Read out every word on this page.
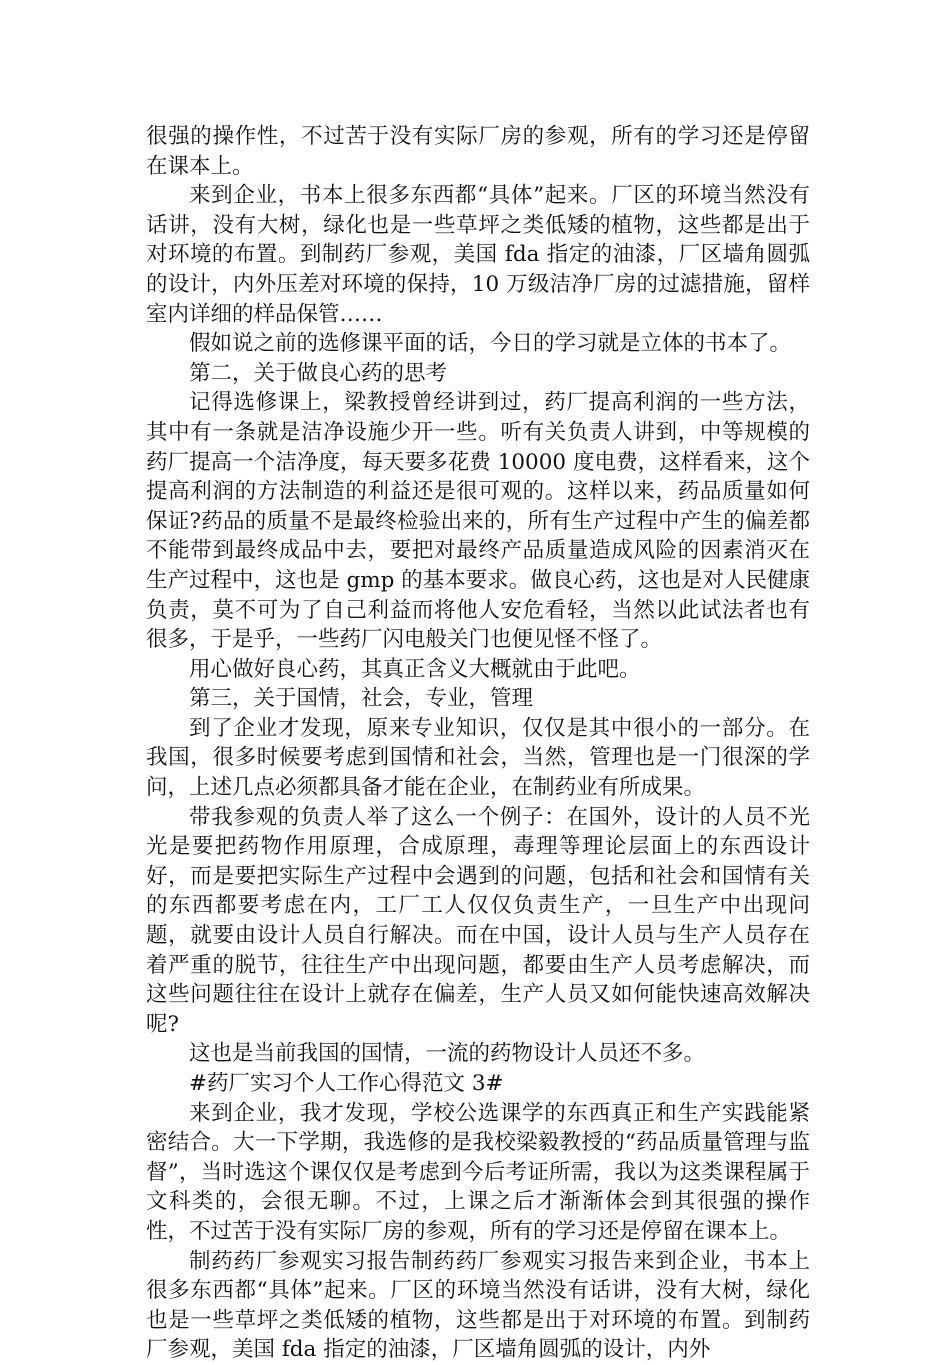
很强的操作性，不过苦于没有实际厂房的参观，所有的学习还是停留在课本上。

来到企业，书本上很多东西都“具体”起来。厂区的环境当然没有话讲，没有大树，绿化也是一些草坪之类低矮的植物，这些都是出于对环境的布置。到制药厂参观，美国 fda 指定的油漆，厂区墙角圆弧的设计，内外压差对环境的保持，10 万级洁净厂房的过滤措施，留样室内详细的样品保管……

假如说之前的选修课平面的话，今日的学习就是立体的书本了。

第二，关于做良心药的思考

记得选修课上，梁教授曾经讲到过，药厂提高利润的一些方法，其中有一条就是洁净设施少开一些。听有关负责人讲到，中等规模的药厂提高一个洁净度，每天要多花费 10000 度电费，这样看来，这个提高利润的方法制造的利益还是很可观的。这样以来，药品质量如何保证?药品的质量不是最终检验出来的，所有生产过程中产生的偏差都不能带到最终成品中去，要把对最终产品质量造成风险的因素消灭在生产过程中，这也是 gmp 的基本要求。做良心药，这也是对人民健康负责，莫不可为了自己利益而将他人安危看轻，当然以此试法者也有很多，于是乎，一些药厂闪电般关门也便见怪不怪了。

用心做好良心药，其真正含义大概就由于此吧。

第三，关于国情，社会，专业，管理

到了企业才发现，原来专业知识，仅仅是其中很小的一部分。在我国，很多时候要考虑到国情和社会，当然，管理也是一门很深的学问，上述几点必须都具备才能在企业，在制药业有所成果。

带我参观的负责人举了这么一个例子：在国外，设计的人员不光光是要把药物作用原理，合成原理，毒理等理论层面上的东西设计好，而是要把实际生产过程中会遇到的问题，包括和社会和国情有关的东西都要考虑在内，工厂工人仅仅负责生产，一旦生产中出现问题，就要由设计人员自行解决。而在中国，设计人员与生产人员存在着严重的脱节，往往生产中出现问题，都要由生产人员考虑解决，而这些问题往往在设计上就存在偏差，生产人员又如何能快速高效解决呢?

这也是当前我国的国情，一流的药物设计人员还不多。

#药厂实习个人工作心得范文 3#

来到企业，我才发现，学校公选课学的东西真正和生产实践能紧密结合。大一下学期，我选修的是我校梁毅教授的“药品质量管理与监督”，当时选这个课仅仅是考虑到今后考证所需，我以为这类课程属于文科类的，会很无聊。不过，上课之后才渐渐体会到其很强的操作性，不过苦于没有实际厂房的参观，所有的学习还是停留在课本上。

制药药厂参观实习报告制药药厂参观实习报告来到企业，书本上很多东西都“具体”起来。厂区的环境当然没有话讲，没有大树，绿化也是一些草坪之类低矮的植物，这些都是出于对环境的布置。到制药厂参观，美国 fda 指定的油漆，厂区墙角圆弧的设计，内外
